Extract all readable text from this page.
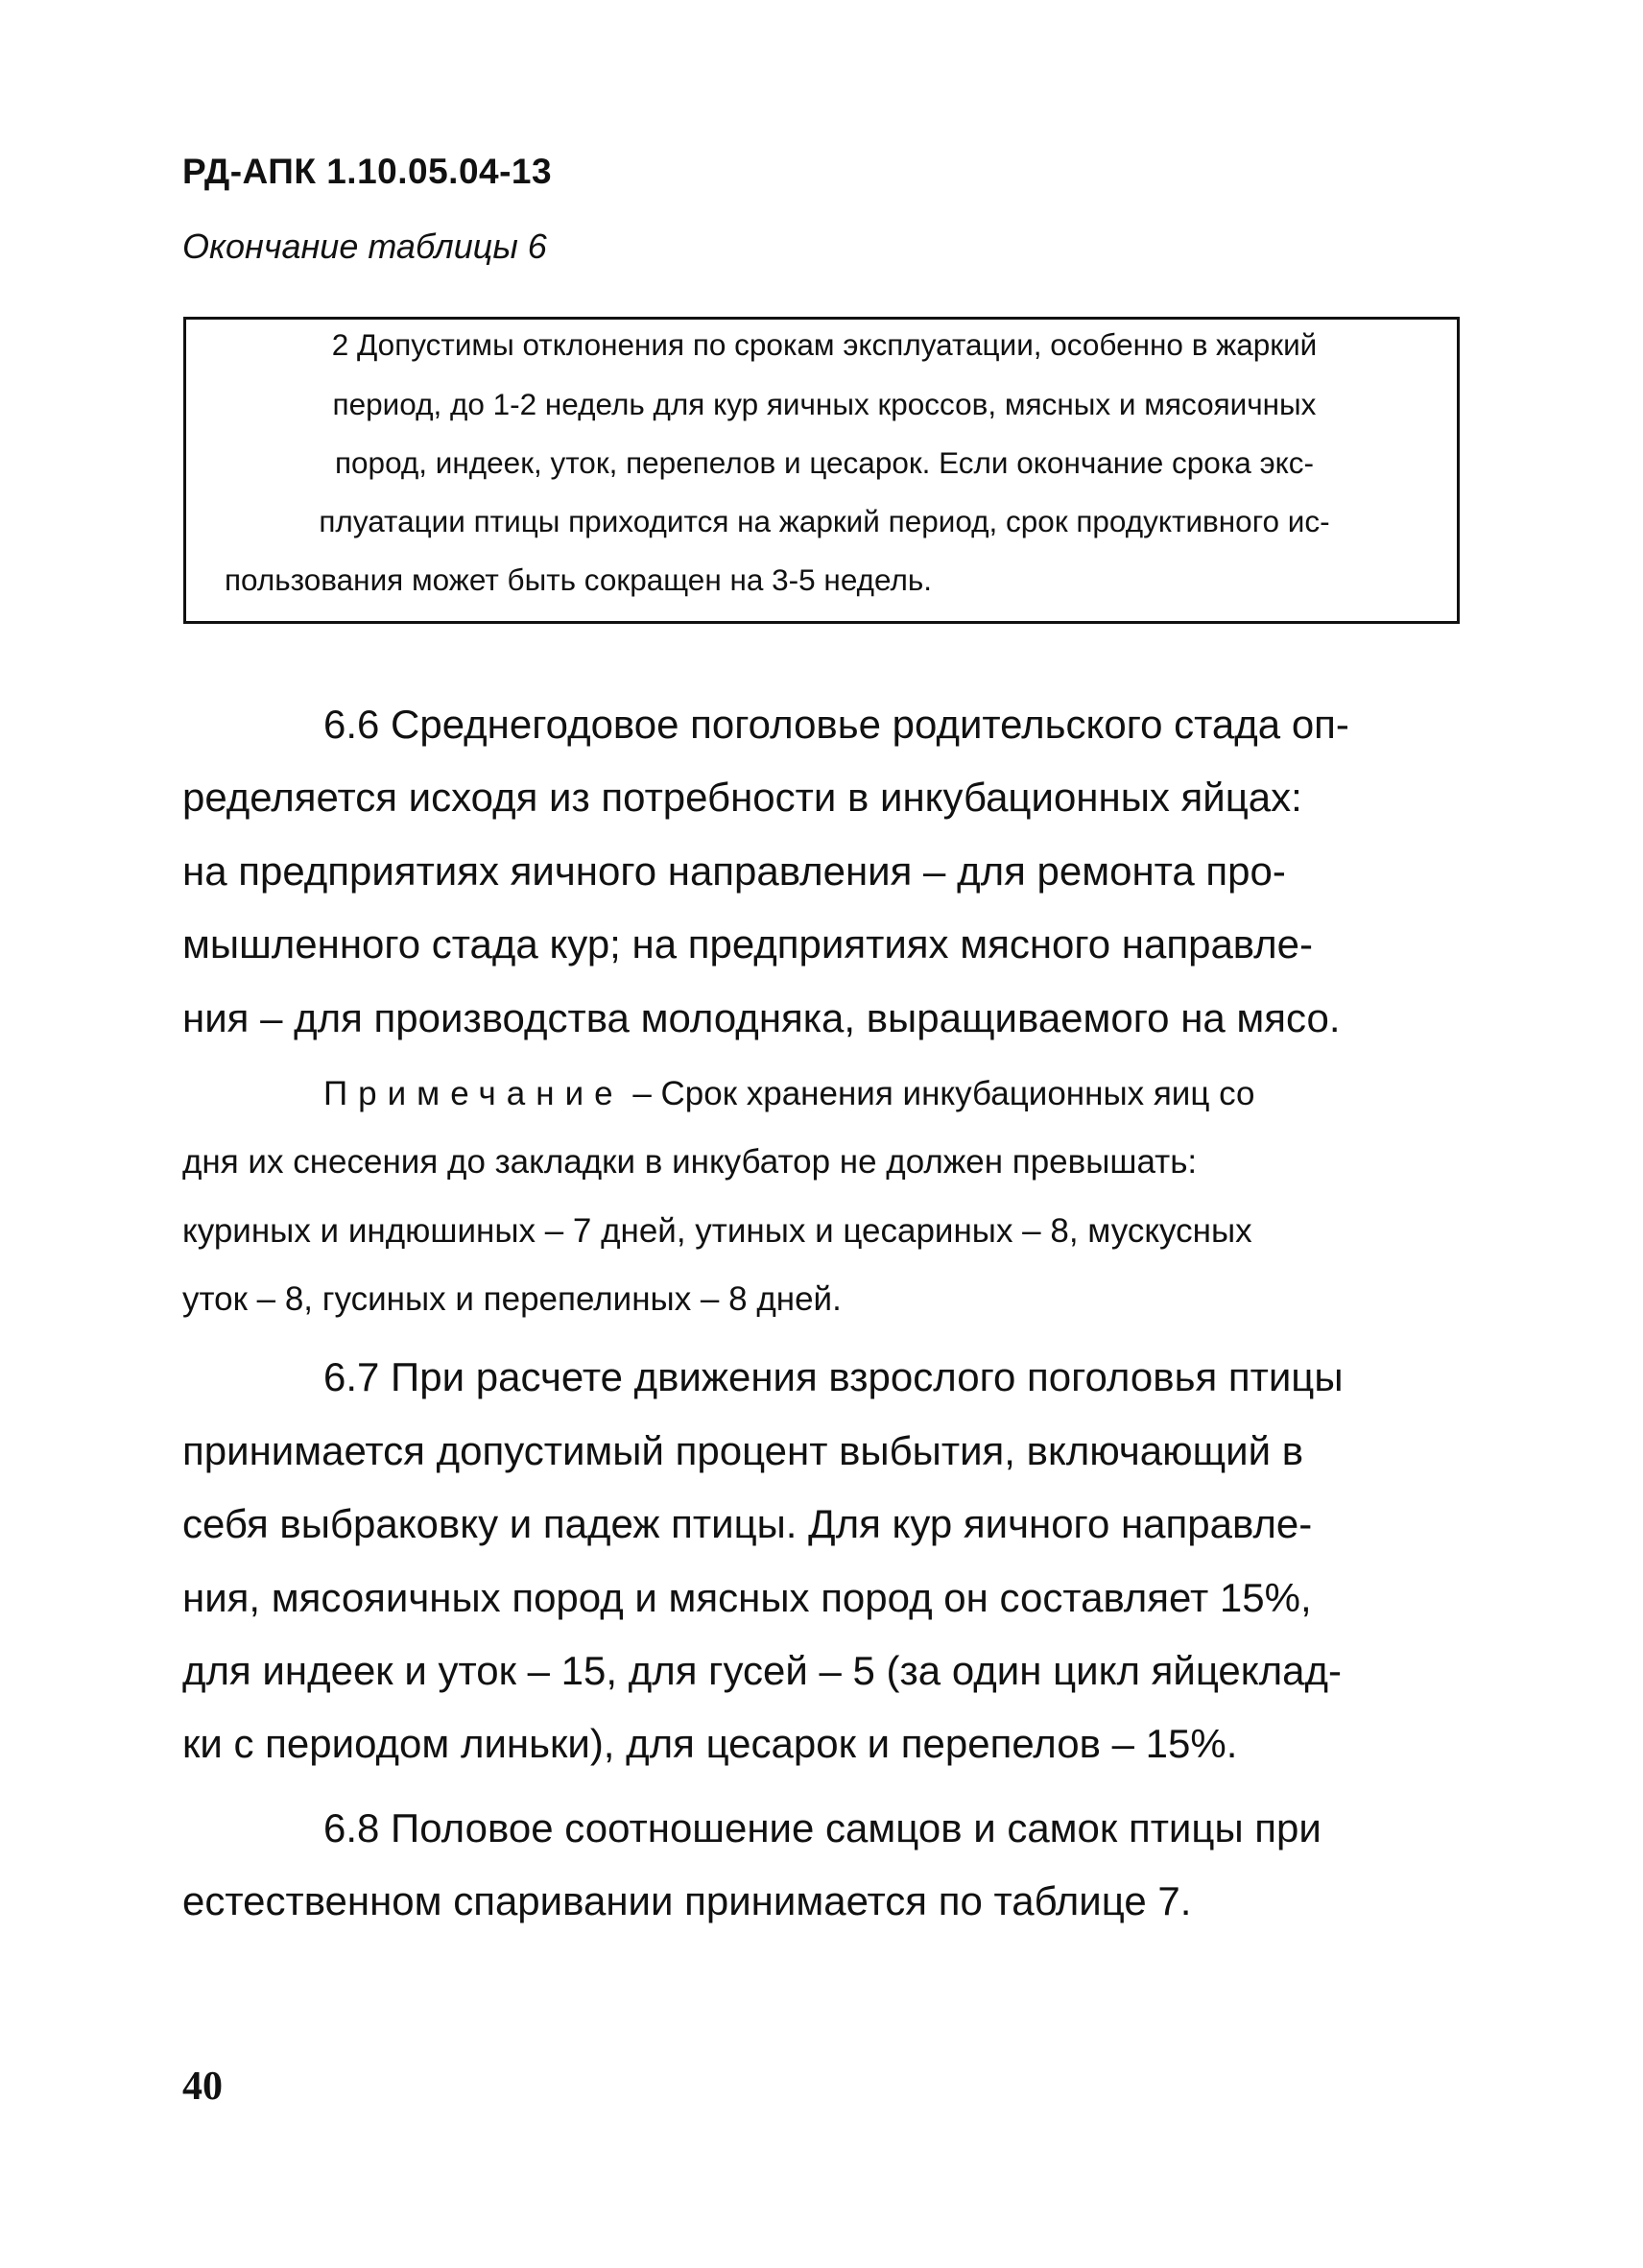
РД-АПК 1.10.05.04-13
Окончание таблицы 6
2 Допустимы отклонения по срокам эксплуатации, особенно в жаркий
период, до 1-2 недель для кур яичных кроссов, мясных и мясояичных
пород, индеек, уток, перепелов и цесарок. Если окончание срока экс-
плуатации птицы приходится на жаркий период, срок продуктивного ис-
пользования может быть сокращен на 3-5 недель.
6.6 Среднегодовое поголовье родительского стада оп-
ределяется исходя из потребности в инкубационных яйцах:
на предприятиях яичного направления – для ремонта про-
мышленного стада кур; на предприятиях мясного направле-
ния – для производства молодняка, выращиваемого на мясо.
Примечание – Срок хранения инкубационных яиц со
дня их снесения до закладки в инкубатор не должен превышать:
куриных и индюшиных – 7 дней, утиных и цесариных – 8, мускусных
уток – 8, гусиных и перепелиных – 8 дней.
6.7 При расчете движения взрослого поголовья птицы
принимается допустимый процент выбытия, включающий в
себя выбраковку и падеж птицы. Для кур яичного направле-
ния, мясояичных пород и мясных пород он составляет 15%,
для индеек и уток – 15, для гусей – 5 (за один цикл яйцеклад-
ки с периодом линьки), для цесарок и перепелов – 15%.
6.8 Половое соотношение самцов и самок птицы при
естественном спаривании принимается по таблице 7.
40
